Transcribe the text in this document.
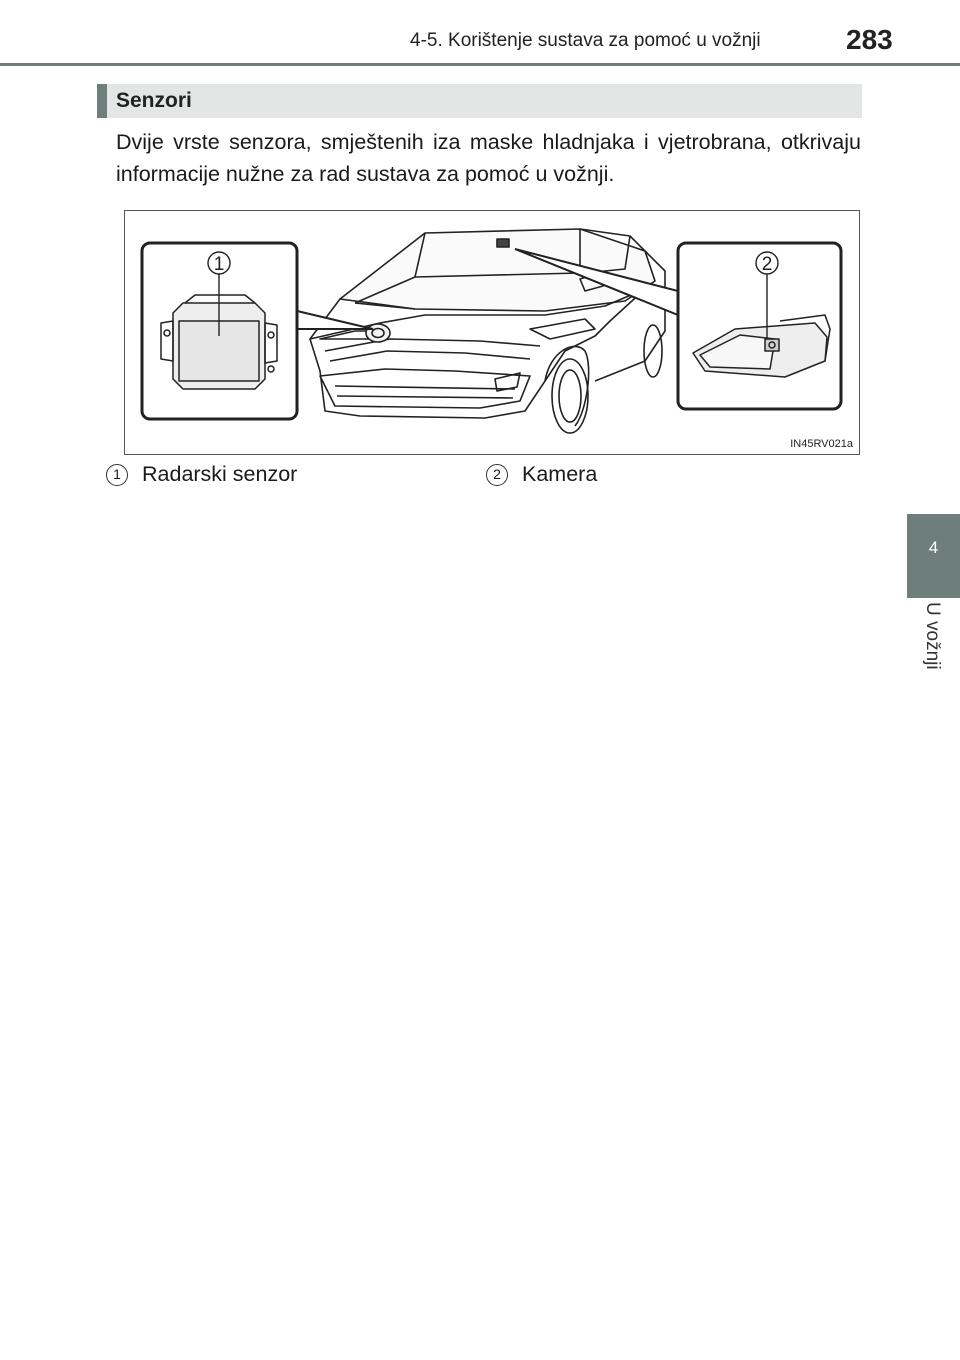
4-5. Korištenje sustava za pomoć u vožnji	283
4
U vožnji
Senzori
Dvije vrste senzora, smještenih iza maske hladnjaka i vjetrobrana, otkrivaju informacije nužne za rad sustava za pomoć u vožnji.
1	2
IN45RV021a
1 Radarski senzor	2 Kamera
